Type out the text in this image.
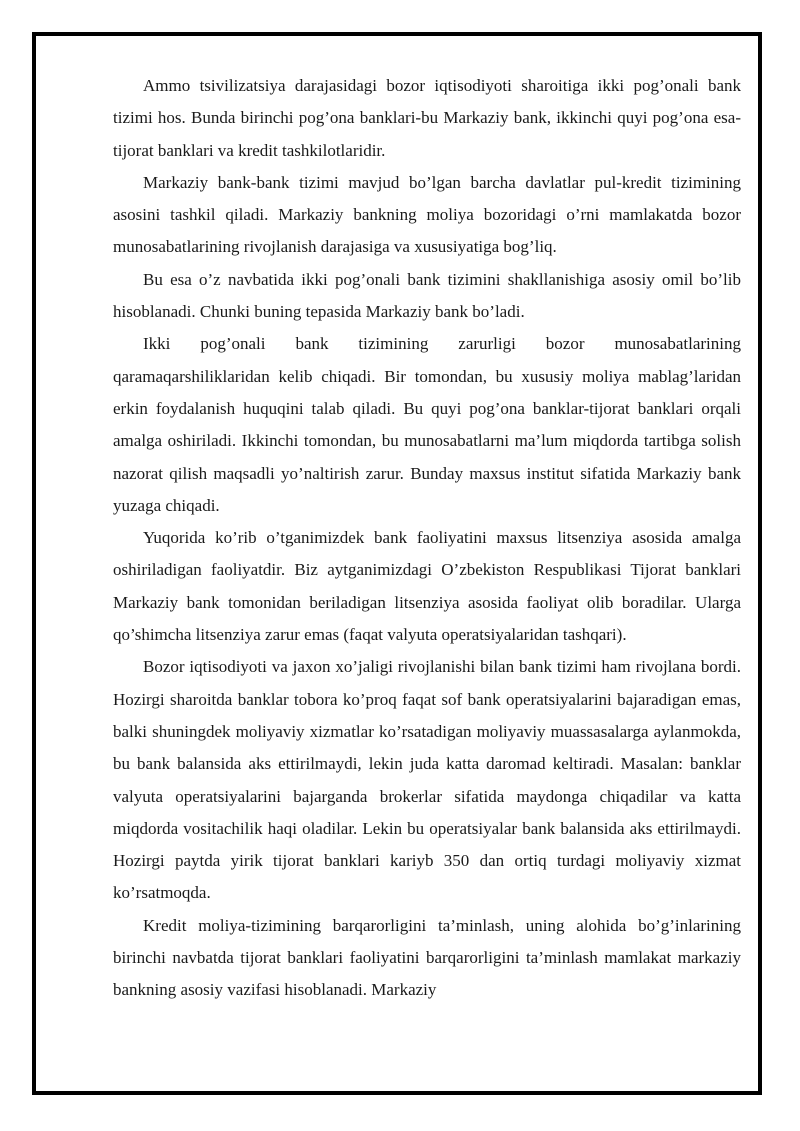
Ammo tsivilizatsiya darajasidagi bozor iqtisodiyoti sharoitiga ikki pog’onali bank tizimi hos. Bunda birinchi pog’ona banklari-bu Markaziy bank, ikkinchi quyi pog’ona esa-tijorat banklari va kredit tashkilotlaridir.

Markaziy bank-bank tizimi mavjud bo’lgan barcha davlatlar pul-kredit tizimining asosini tashkil qiladi. Markaziy bankning moliya bozoridagi o’rni mamlakatda bozor munosabatlarining rivojlanish darajasiga va xususiyatiga bog’liq.

Bu esa o’z navbatida ikki pog’onali bank tizimini shakllanishiga asosiy omil bo’lib hisoblanadi. Chunki buning tepasida Markaziy bank bo’ladi.

Ikki pog’onali bank tizimining zarurligi bozor munosabatlarining qaramaqarshiliklaridan kelib chiqadi. Bir tomondan, bu xususiy moliya mablag’laridan erkin foydalanish huquqini talab qiladi. Bu quyi pog’ona banklar-tijorat banklari orqali amalga oshiriladi. Ikkinchi tomondan, bu munosabatlarni ma’lum miqdorda tartibga solish nazorat qilish maqsadli yo’naltirish zarur. Bunday maxsus institut sifatida Markaziy bank yuzaga chiqadi.

Yuqorida ko’rib o’tganimizdek bank faoliyatini maxsus litsenziya asosida amalga oshiriladigan faoliyatdir. Biz aytganimizdagi O’zbekiston Respublikasi Tijorat banklari Markaziy bank tomonidan beriladigan litsenziya asosida faoliyat olib boradilar. Ularga qo’shimcha litsenziya zarur emas (faqat valyuta operatsiyalaridan tashqari).

Bozor iqtisodiyoti va jaxon xo’jaligi rivojlanishi bilan bank tizimi ham rivojlana bordi. Hozirgi sharoitda banklar tobora ko’proq faqat sof bank operatsiyalarini bajaradigan emas, balki shuningdek moliyaviy xizmatlar ko’rsatadigan moliyaviy muassasalarga aylanmokda, bu bank balansida aks ettirilmaydi, lekin juda katta daromad keltiradi. Masalan: banklar valyuta operatsiyalarini bajarganda brokerlar sifatida maydonga chiqadilar va katta miqdorda vositachilik haqi oladilar. Lekin bu operatsiyalar bank balansida aks ettirilmaydi. Hozirgi paytda yirik tijorat banklari kariyb 350 dan ortiq turdagi moliyaviy xizmat ko’rsatmoqda.

Kredit moliya-tizimining barqarorligini ta’minlash, uning alohida bo’g’inlarining birinchi navbatda tijorat banklari faoliyatini barqarorligini ta’minlash mamlakat markaziy bankning asosiy vazifasi hisoblanadi. Markaziy
